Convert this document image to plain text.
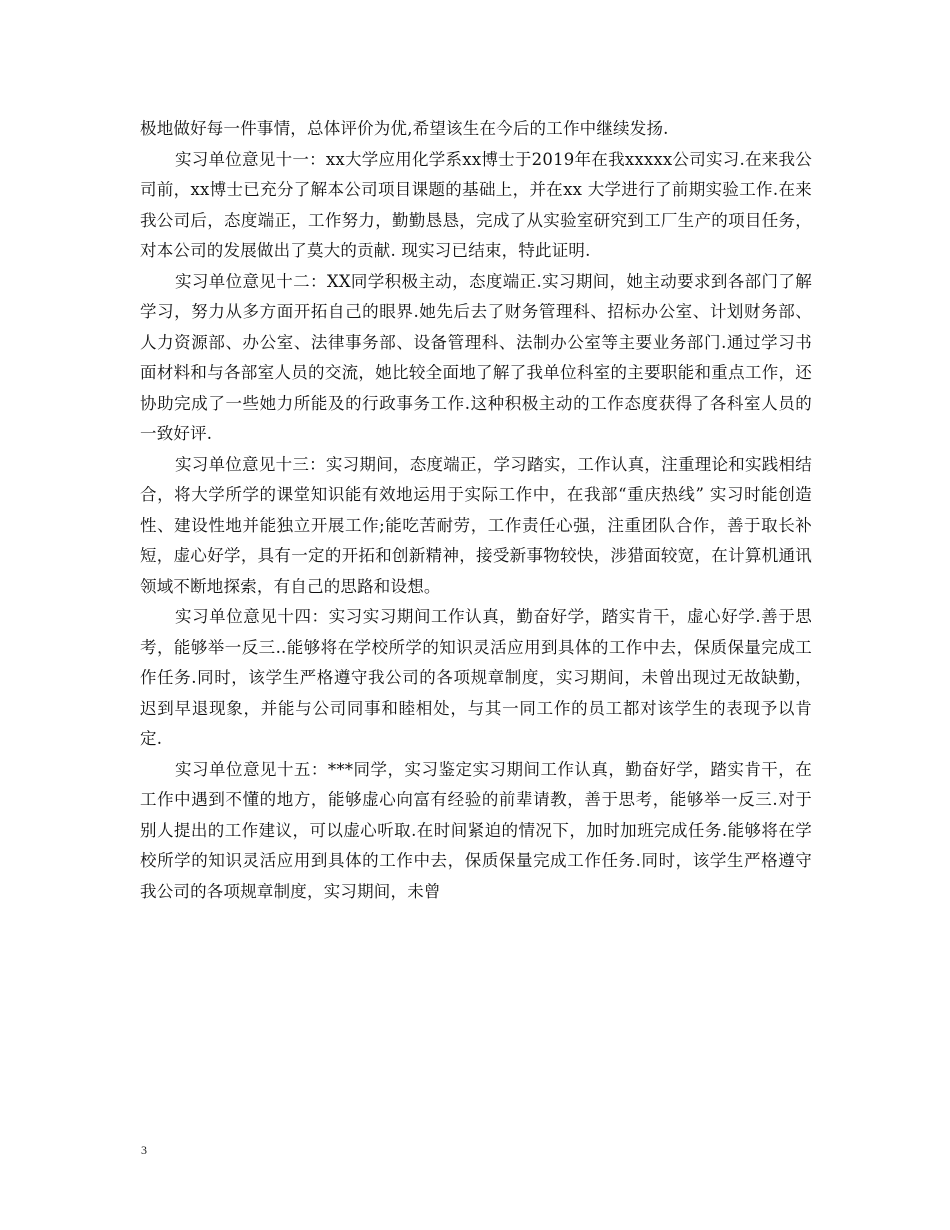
极地做好每一件事情，总体评价为优,希望该生在今后的工作中继续发扬.

实习单位意见十一：xx大学应用化学系xx博士于2019年在我xxxxx公司实习.在来我公司前，xx博士已充分了解本公司项目课题的基础上，并在xx 大学进行了前期实验工作.在来我公司后，态度端正，工作努力，勤勤恳恳，完成了从实验室研究到工厂生产的项目任务，对本公司的发展做出了莫大的贡献. 现实习已结束，特此证明.

实习单位意见十二：XX同学积极主动，态度端正.实习期间，她主动要求到各部门了解学习，努力从多方面开拓自己的眼界.她先后去了财务管理科、招标办公室、计划财务部、人力资源部、办公室、法律事务部、设备管理科、法制办公室等主要业务部门.通过学习书面材料和与各部室人员的交流，她比较全面地了解了我单位科室的主要职能和重点工作，还协助完成了一些她力所能及的行政事务工作.这种积极主动的工作态度获得了各科室人员的一致好评.

实习单位意见十三：实习期间，态度端正，学习踏实，工作认真，注重理论和实践相结合，将大学所学的课堂知识能有效地运用于实际工作中，在我部“重庆热线” 实习时能创造性、建设性地并能独立开展工作;能吃苦耐劳，工作责任心强，注重团队合作，善于取长补短，虚心好学，具有一定的开拓和创新精神，接受新事物较快，涉猎面较宽，在计算机通讯领域不断地探索，有自己的思路和设想。

实习单位意见十四：实习实习期间工作认真，勤奋好学，踏实肯干，虚心好学.善于思考，能够举一反三..能够将在学校所学的知识灵活应用到具体的工作中去，保质保量完成工作任务.同时，该学生严格遵守我公司的各项规章制度，实习期间，未曾出现过无故缺勤，迟到早退现象，并能与公司同事和睦相处，与其一同工作的员工都对该学生的表现予以肯定.

实习单位意见十五：***同学，实习鉴定实习期间工作认真，勤奋好学，踏实肯干，在工作中遇到不懂的地方，能够虚心向富有经验的前辈请教，善于思考，能够举一反三.对于别人提出的工作建议，可以虚心听取.在时间紧迫的情况下，加时加班完成任务.能够将在学校所学的知识灵活应用到具体的工作中去，保质保量完成工作任务.同时，该学生严格遵守我公司的各项规章制度，实习期间，未曾

3
